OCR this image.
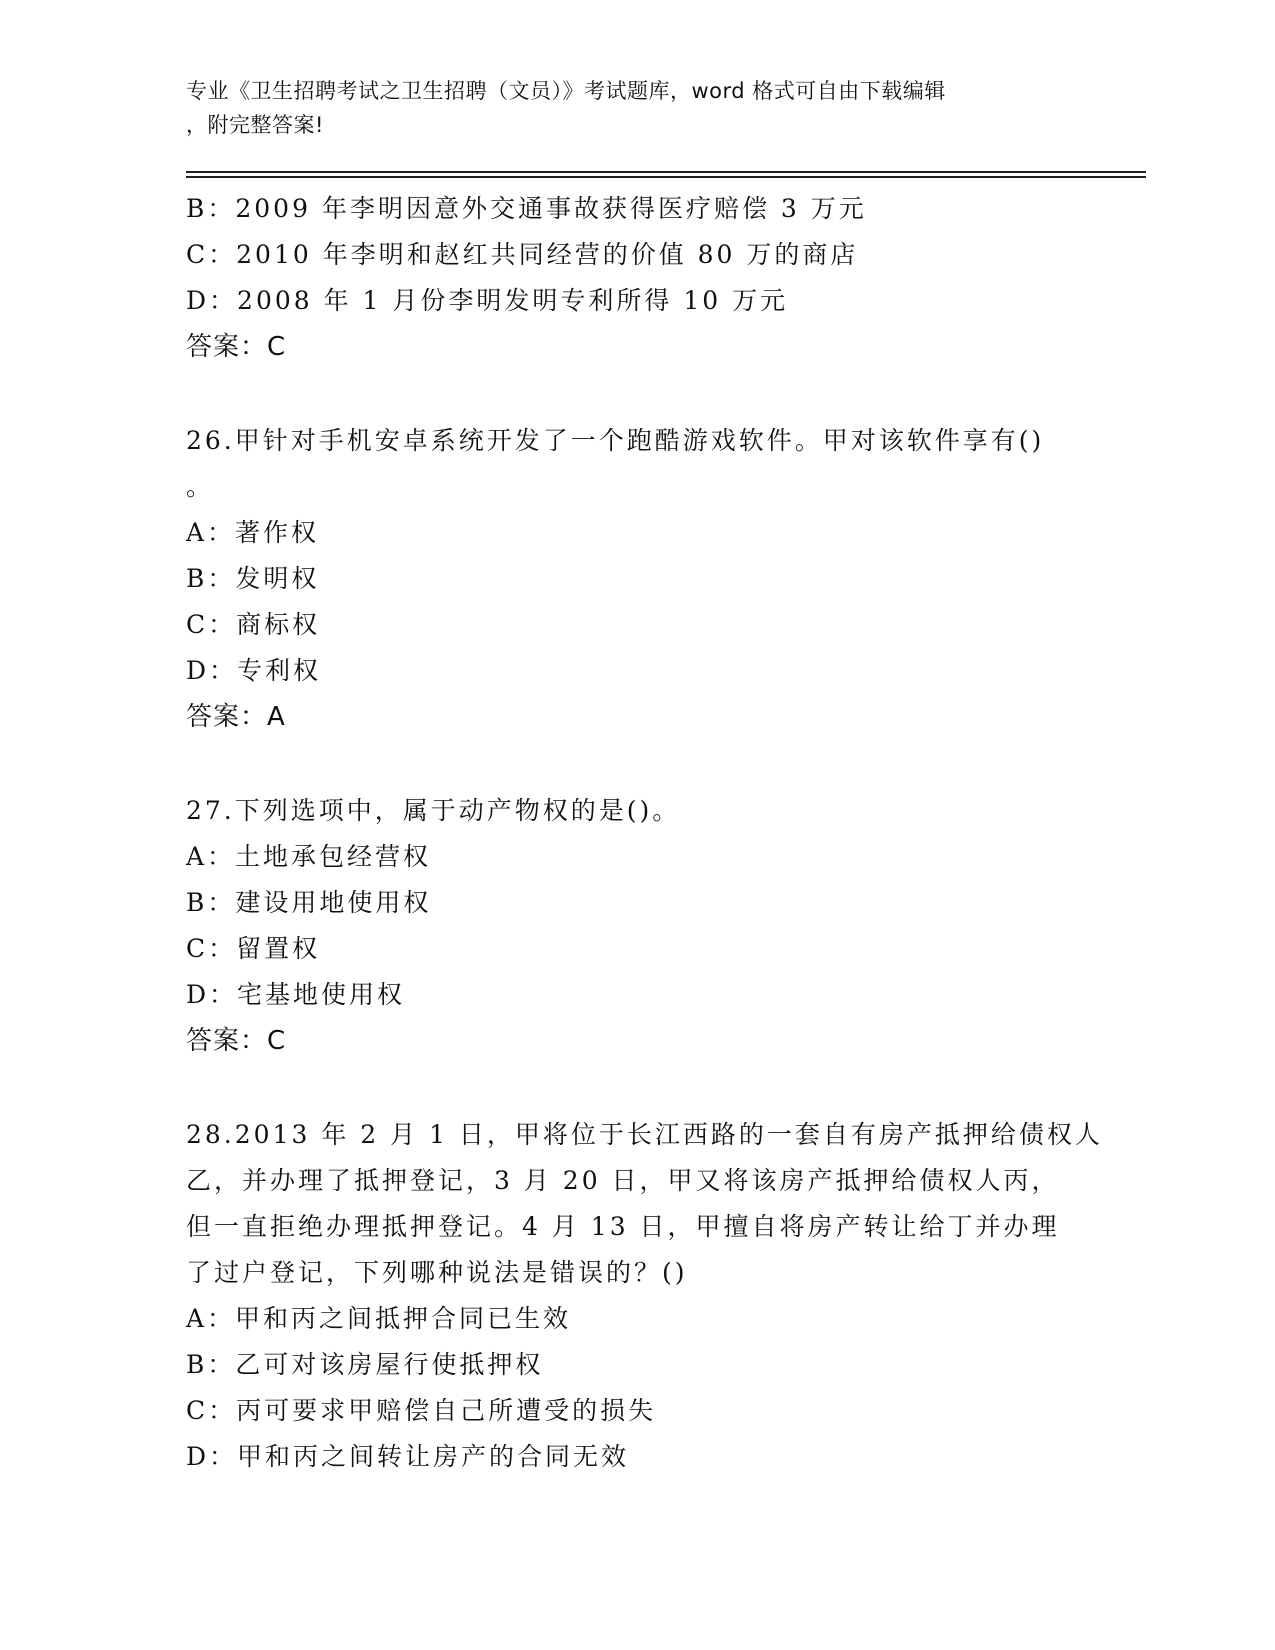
专业《卫生招聘考试之卫生招聘（文员）》考试题库，word 格式可自由下载编辑
，附完整答案!
B：2009 年李明因意外交通事故获得医疗赔偿 3 万元
C：2010 年李明和赵红共同经营的价值 80 万的商店
D：2008 年 1 月份李明发明专利所得 10 万元
答案：C
26.甲针对手机安卓系统开发了一个跑酷游戏软件。甲对该软件享有()
。
A：著作权
B：发明权
C：商标权
D：专利权
答案：A
27.下列选项中，属于动产物权的是()。
A：土地承包经营权
B：建设用地使用权
C：留置权
D：宅基地使用权
答案：C
28.2013 年 2 月 1 日，甲将位于长江西路的一套自有房产抵押给债权人
乙，并办理了抵押登记，3 月 20 日，甲又将该房产抵押给债权人丙，
但一直拒绝办理抵押登记。4 月 13 日，甲擅自将房产转让给丁并办理
了过户登记，下列哪种说法是错误的？()
A：甲和丙之间抵押合同已生效
B：乙可对该房屋行使抵押权
C：丙可要求甲赔偿自己所遭受的损失
D：甲和丙之间转让房产的合同无效
